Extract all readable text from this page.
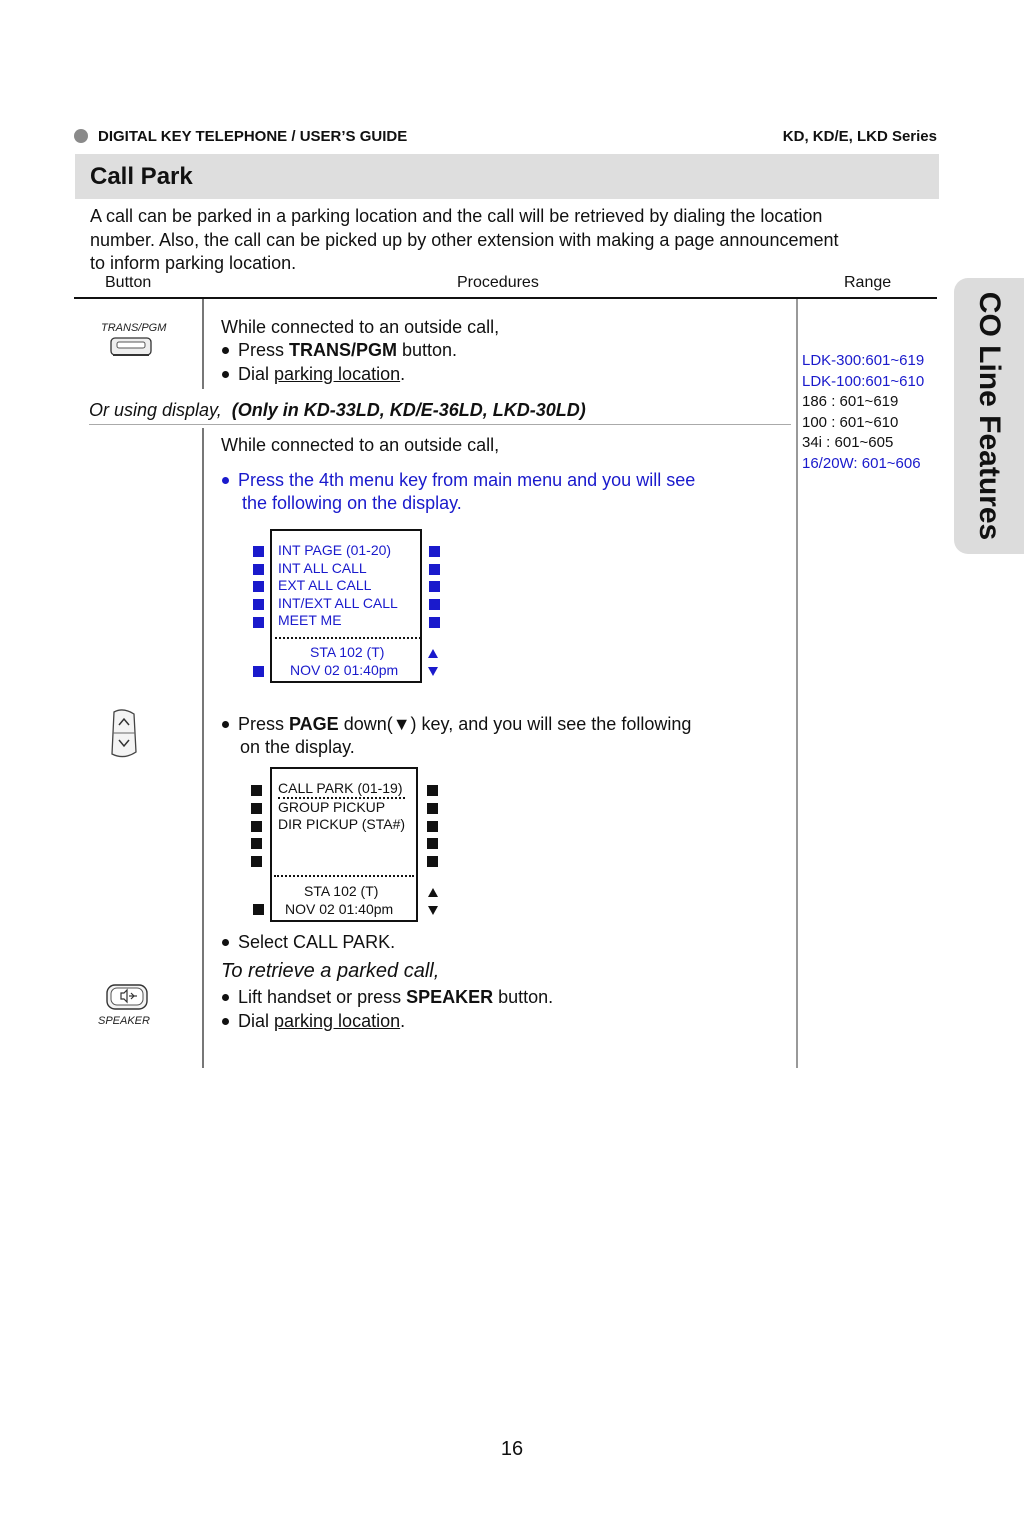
DIGITAL KEY TELEPHONE / USER’S GUIDE	KD, KD/E, LKD Series
Call Park
A call can be parked in a parking location and the call will be retrieved by dialing the location
number. Also, the call can be picked up by other extension with making a page announcement
to inform parking location.
Button	Procedures	Range
TRANS/PGM	While connected to an outside call,
Press TRANS/PGM button.
Dial parking location.
Or using display, (Only in KD-33LD, KD/E-36LD, LKD-30LD)
While connected to an outside call,
Press the 4th menu key from main menu and you will see
the following on the display.
INT PAGE (01-20)
INT ALL CALL
EXT ALL CALL
INT/EXT ALL CALL
MEET ME
STA 102 (T)
NOV 02 01:40pm
Press PAGE down(▼) key, and you will see the following
on the display.
CALL PARK (01-19)
GROUP PICKUP
DIR PICKUP (STA#)
STA 102 (T)
NOV 02 01:40pm
Select CALL PARK.
To retrieve a parked call,
Lift handset or press SPEAKER button.
Dial parking location.
SPEAKER
LDK-300:601~619
LDK-100:601~610
186 : 601~619
100 : 601~610
34i : 601~605
16/20W: 601~606 CO Line Features
16
